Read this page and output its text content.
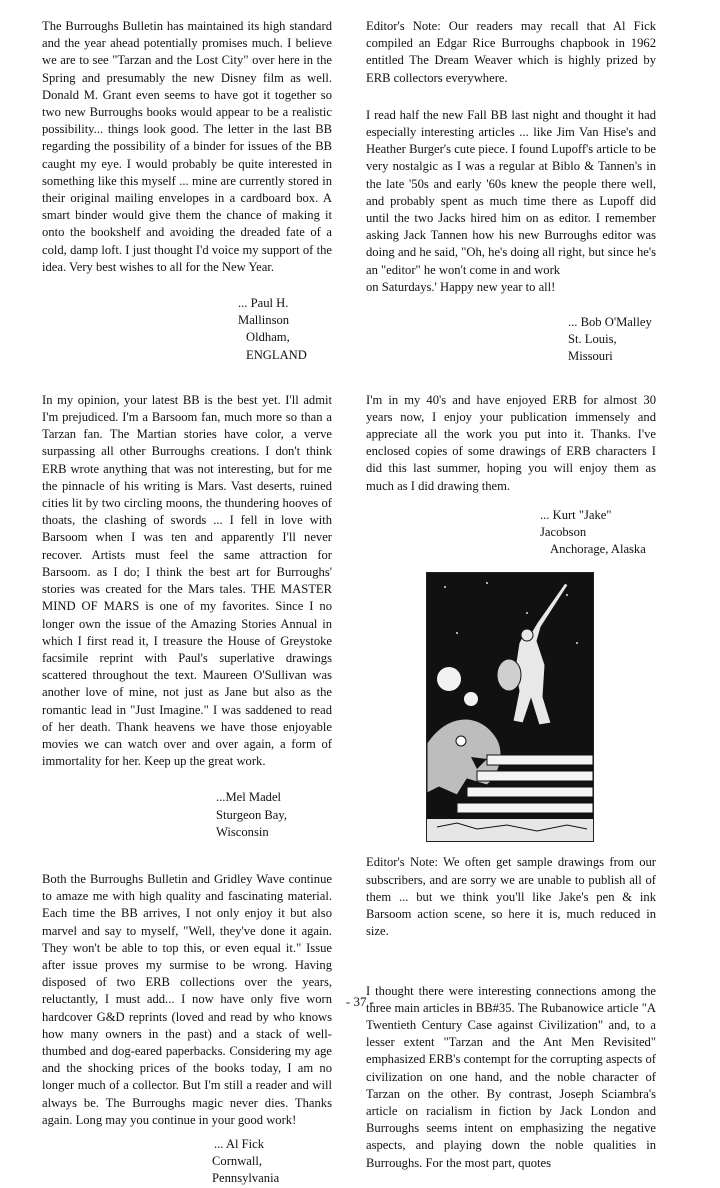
The Burroughs Bulletin has maintained its high standard and the year ahead potentially promises much. I believe we are to see "Tarzan and the Lost City" over here in the Spring and presumably the new Disney film as well. Donald M. Grant even seems to have got it together so two new Burroughs books would appear to be a realistic possibility... things look good. The letter in the last BB regarding the possibility of a binder for issues of the BB caught my eye. I would probably be quite interested in something like this myself ... mine are currently stored in their original mailing envelopes in a cardboard box. A smart binder would give them the chance of making it onto the bookshelf and avoiding the dreaded fate of a cold, damp loft. I just thought I'd voice my support of the idea. Very best wishes to all for the New Year.

... Paul H. Mallinson
Oldham, ENGLAND

In my opinion, your latest BB is the best yet. I'll admit I'm prejudiced. I'm a Barsoom fan, much more so than a Tarzan fan. The Martian stories have color, a verve surpassing all other Burroughs creations. I don't think ERB wrote anything that was not interesting, but for me the pinnacle of his writing is Mars. Vast deserts, ruined cities lit by two circling moons, the thundering hooves of thoats, the clashing of swords ... I fell in love with Barsoom when I was ten and apparently I'll never recover. Artists must feel the same attraction for Barsoom. as I do; I think the best art for Burroughs' stories was created for the Mars tales. THE MASTER MIND OF MARS is one of my favorites. Since I no longer own the issue of the Amazing Stories Annual in which I first read it, I treasure the House of Greystoke facsimile reprint with Paul's superlative drawings scattered throughout the text. Maureen O'Sullivan was another love of mine, not just as Jane but also as the romantic lead in "Just Imagine." I was saddened to read of her death. Thank heavens we have those enjoyable movies we can watch over and over again, a form of immortality for her. Keep up the great work.

...Mel Madel
Sturgeon Bay, Wisconsin

Both the Burroughs Bulletin and Gridley Wave continue to amaze me with high quality and fascinating material. Each time the BB arrives, I not only enjoy it but also marvel and say to myself, "Well, they've done it again. They won't be able to top this, or even equal it." Issue after issue proves my surmise to be wrong. Having disposed of two ERB collections over the years, reluctantly, I must add... I now have only five worn hardcover G&D reprints (loved and read by who knows how many owners in the past) and a stack of well-thumbed and dog-eared paperbacks. Considering my age and the shocking prices of the books today, I am no longer much of a collector. But I'm still a reader and will always be. The Burroughs magic never dies. Thanks again. Long may you continue in your good work!

... Al Fick
Cornwall, Pennsylvania

Editor's Note: Our readers may recall that Al Fick compiled an Edgar Rice Burroughs chapbook in 1962 entitled The Dream Weaver which is highly prized by ERB collectors everywhere.

I read half the new Fall BB last night and thought it had especially interesting articles ... like Jim Van Hise's and Heather Burger's cute piece. I found Lupoff's article to be very nostalgic as I was a regular at Biblo & Tannen's in the late '50s and early '60s knew the people there well, and probably spent as much time there as Lupoff did until the two Jacks hired him on as editor. I remember asking Jack Tannen how his new Burroughs editor was doing and he said, "Oh, he's doing all right, but since he's an "editor" he won't come in and work
on Saturdays.' Happy new year to all!

... Bob O'Malley
St. Louis, Missouri

I'm in my 40's and have enjoyed ERB for almost 30 years now, I enjoy your publication immensely and appreciate all the work you put into it. Thanks. I've enclosed copies of some drawings of ERB characters I did this last summer, hoping you will enjoy them as much as I did drawing them.

... Kurt "Jake" Jacobson
Anchorage, Alaska

Editor's Note: We often get sample drawings from our subscribers, and are sorry we are unable to publish all of them ... but we think you'll like Jake's pen & ink Barsoom action scene, so here it is, much reduced in size.

I thought there were interesting connections among the three main articles in BB#35. The Rubanowice article "A Twentieth Century Case against Civilization" and, to a lesser extent "Tarzan and the Ant Men Revisited" emphasized ERB's contempt for the corrupting aspects of civilization on one hand, and the noble character of Tarzan on the other. By contrast, Joseph Sciambra's article on racialism in fiction by Jack London and Burroughs seems intent on emphasizing the negative aspects, and playing down the noble qualities in Burroughs. For the most part, quotes

- 37 -
